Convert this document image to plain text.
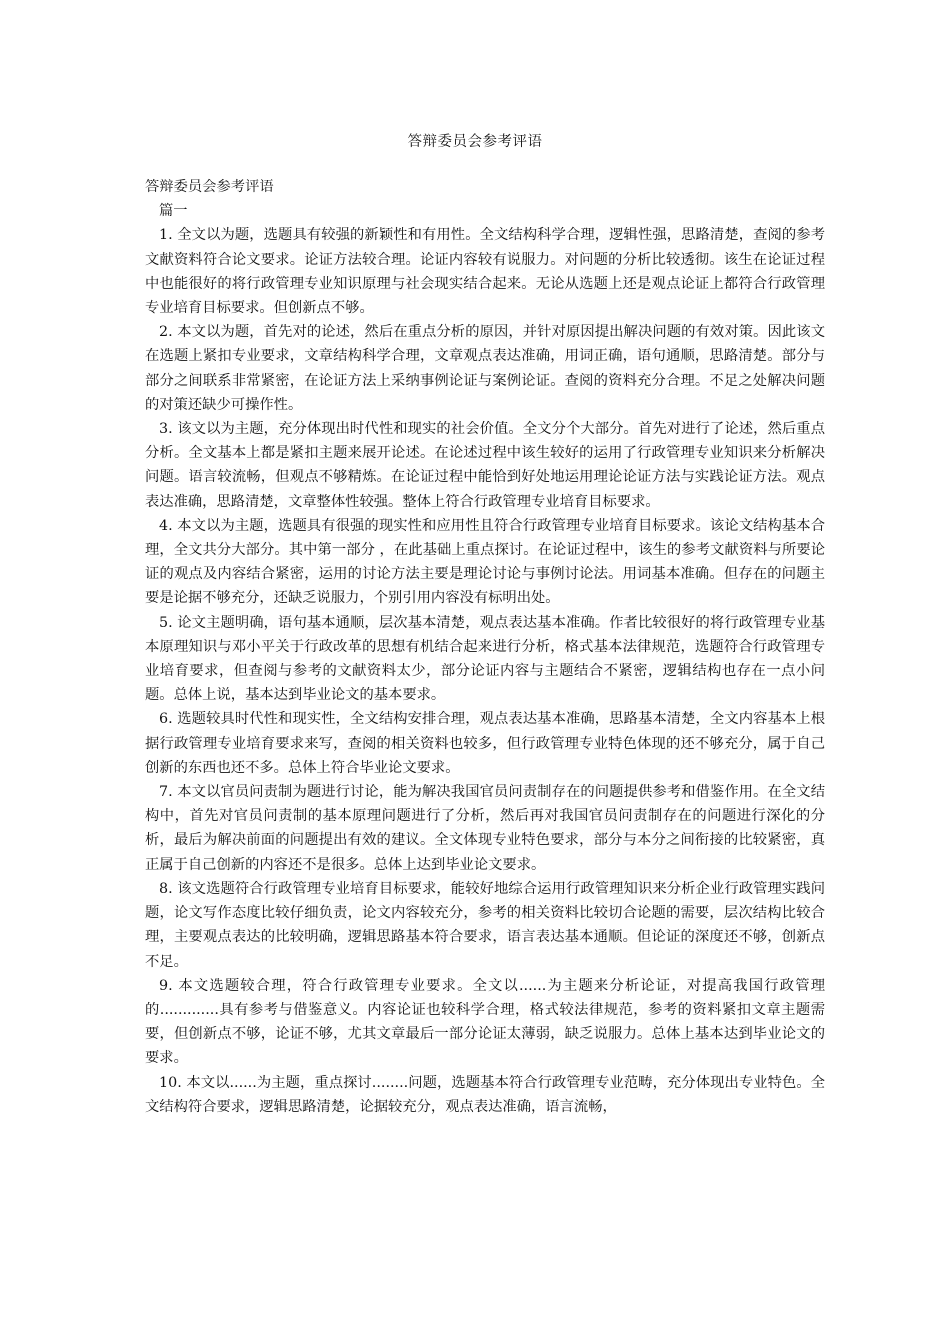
答辩委员会参考评语

答辩委员会参考评语

篇一

1. 全文以为题，选题具有较强的新颖性和有用性。全文结构科学合理，逻辑性强，思路清楚，查阅的参考文献资料符合论文要求。论证方法较合理。论证内容较有说服力。对问题的分析比较透彻。该生在论证过程中也能很好的将行政管理专业知识原理与社会现实结合起来。无论从选题上还是观点论证上都符合行政管理专业培育目标要求。但创新点不够。

2. 本文以为题，首先对的论述，然后在重点分析的原因，并针对原因提出解决问题的有效对策。因此该文在选题上紧扣专业要求，文章结构科学合理，文章观点表达准确，用词正确，语句通顺，思路清楚。部分与部分之间联系非常紧密，在论证方法上采纳事例论证与案例论证。查阅的资料充分合理。不足之处解决问题的对策还缺少可操作性。

3. 该文以为主题，充分体现出时代性和现实的社会价值。全文分个大部分。首先对进行了论述，然后重点分析。全文基本上都是紧扣主题来展开论述。在论述过程中该生较好的运用了行政管理专业知识来分析解决问题。语言较流畅，但观点不够精炼。在论证过程中能恰到好处地运用理论论证方法与实践论证方法。观点表达准确，思路清楚，文章整体性较强。整体上符合行政管理专业培育目标要求。

4. 本文以为主题，选题具有很强的现实性和应用性且符合行政管理专业培育目标要求。该论文结构基本合理，全文共分大部分。其中第一部分 ，在此基础上重点探讨。在论证过程中，该生的参考文献资料与所要论证的观点及内容结合紧密，运用的讨论方法主要是理论讨论与事例讨论法。用词基本准确。但存在的问题主要是论据不够充分，还缺乏说服力，个别引用内容没有标明出处。

5. 论文主题明确，语句基本通顺，层次基本清楚，观点表达基本准确。作者比较很好的将行政管理专业基本原理知识与邓小平关于行政改革的思想有机结合起来进行分析，格式基本法律规范，选题符合行政管理专业培育要求，但查阅与参考的文献资料太少，部分论证内容与主题结合不紧密，逻辑结构也存在一点小问题。总体上说，基本达到毕业论文的基本要求。

6. 选题较具时代性和现实性，全文结构安排合理，观点表达基本准确，思路基本清楚，全文内容基本上根据行政管理专业培育要求来写，查阅的相关资料也较多，但行政管理专业特色体现的还不够充分，属于自己创新的东西也还不多。总体上符合毕业论文要求。

7. 本文以官员问责制为题进行讨论，能为解决我国官员问责制存在的问题提供参考和借鉴作用。在全文结构中，首先对官员问责制的基本原理问题进行了分析，然后再对我国官员问责制存在的问题进行深化的分析，最后为解决前面的问题提出有效的建议。全文体现专业特色要求，部分与本分之间衔接的比较紧密，真正属于自己创新的内容还不是很多。总体上达到毕业论文要求。

8. 该文选题符合行政管理专业培育目标要求，能较好地综合运用行政管理知识来分析企业行政管理实践问题，论文写作态度比较仔细负责，论文内容较充分，参考的相关资料比较切合论题的需要，层次结构比较合理，主要观点表达的比较明确，逻辑思路基本符合要求，语言表达基本通顺。但论证的深度还不够，创新点不足。

9. 本文选题较合理，符合行政管理专业要求。全文以......为主题来分析论证，对提高我国行政管理的.............具有参考与借鉴意义。内容论证也较科学合理，格式较法律规范，参考的资料紧扣文章主题需要，但创新点不够，论证不够，尤其文章最后一部分论证太薄弱，缺乏说服力。总体上基本达到毕业论文的要求。

10. 本文以......为主题，重点探讨........问题，选题基本符合行政管理专业范畴，充分体现出专业特色。全文结构符合要求，逻辑思路清楚，论据较充分，观点表达准确，语言流畅，
